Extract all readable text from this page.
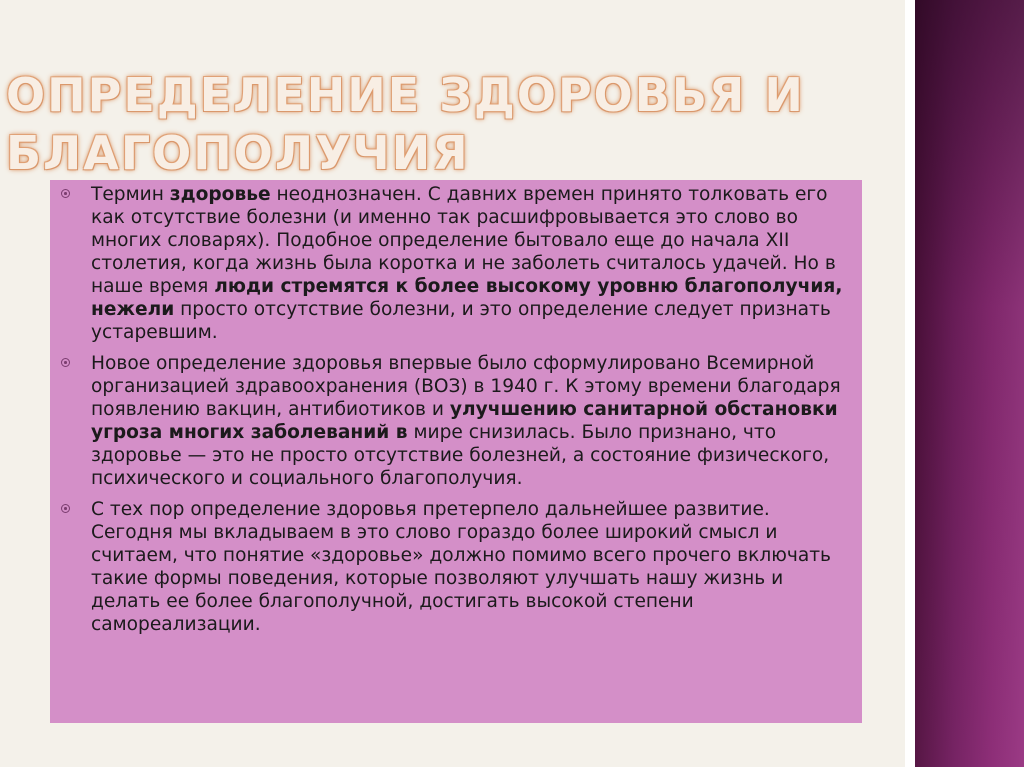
ОПРЕДЕЛЕНИЕ ЗДОРОВЬЯ И БЛАГОПОЛУЧИЯ
Термин здоровье неоднозначен. С давних времен принято толковать его как отсутствие болезни (и именно так расшифровывается это слово во многих словарях). Подобное определение бытовало еще до начала XII столетия, когда жизнь была коротка и не заболеть считалось удачей. Но в наше время люди стремятся к более высокому уровню благополучия, нежели просто отсутствие болезни, и это определение следует признать устаревшим.
Новое определение здоровья впервые было сформулировано Всемирной организацией здравоохранения (ВОЗ) в 1940 г. К этому времени благодаря появлению вакцин, антибиотиков и улучшению санитарной обстановки угроза многих заболеваний в мире снизилась. Было признано, что здоровье — это не просто отсутствие болезней, а состояние физического, психического и социального благополучия.
С тех пор определение здоровья претерпело дальнейшее развитие. Сегодня мы вкладываем в это слово гораздо более широкий смысл и считаем, что понятие «здоровье» должно помимо всего прочего включать такие формы поведения, которые позволяют улучшать нашу жизнь и делать ее более благополучной, достигать высокой степени самореализации.
